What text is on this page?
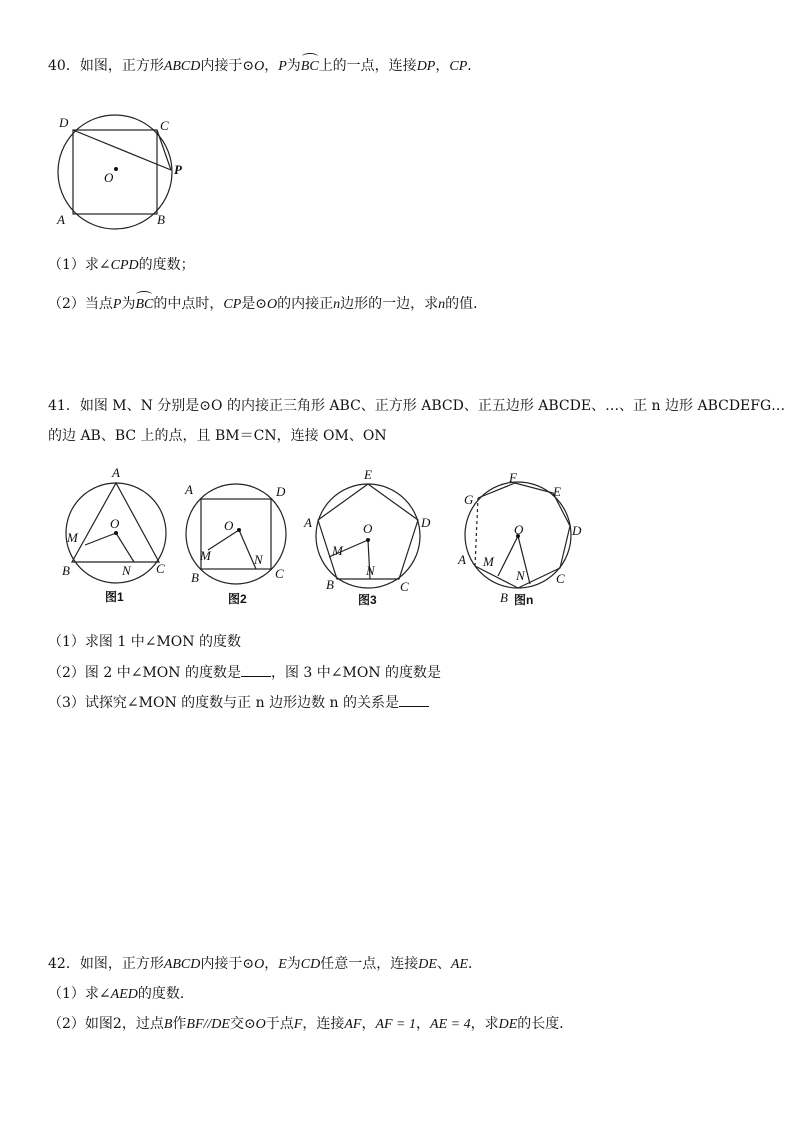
40．如图，正方形ABCD内接于⊙O，P为BC上的一点，连接DP，CP．
D	C
P
O
A	B
（1）求∠CPD的度数；
（2）当点P为BC的中点时，CP是⊙O的内接正n边形的一边，求n的值．
41．如图 M、N 分别是⊙O 的内接正三角形 ABC、正方形 ABCD、正五边形 ABCDE、…、正 n 边形 ABCDEFG…
的边 AB、BC 上的点，且 BM＝CN，连接 OM、ON
A
O
M
B	N C
图1
A	D
O
M
B
N
C
图2
E
A	O	D
M
B
N
C
图3
F
G
E
O	D
A M
N C
B 图n
（1）求图 1 中∠MON 的度数
（2）图 2 中∠MON 的度数是 ，图 3 中∠MON 的度数是
（3）试探究∠MON 的度数与正 n 边形边数 n 的关系是
42．如图，正方形ABCD内接于⊙O，E为CD任意一点，连接DE、AE．
（1）求∠AED的度数．
（2）如图2，过点B作BF//DE交⊙O于点F，连接AF，AF = 1，AE = 4，求DE的长度．
